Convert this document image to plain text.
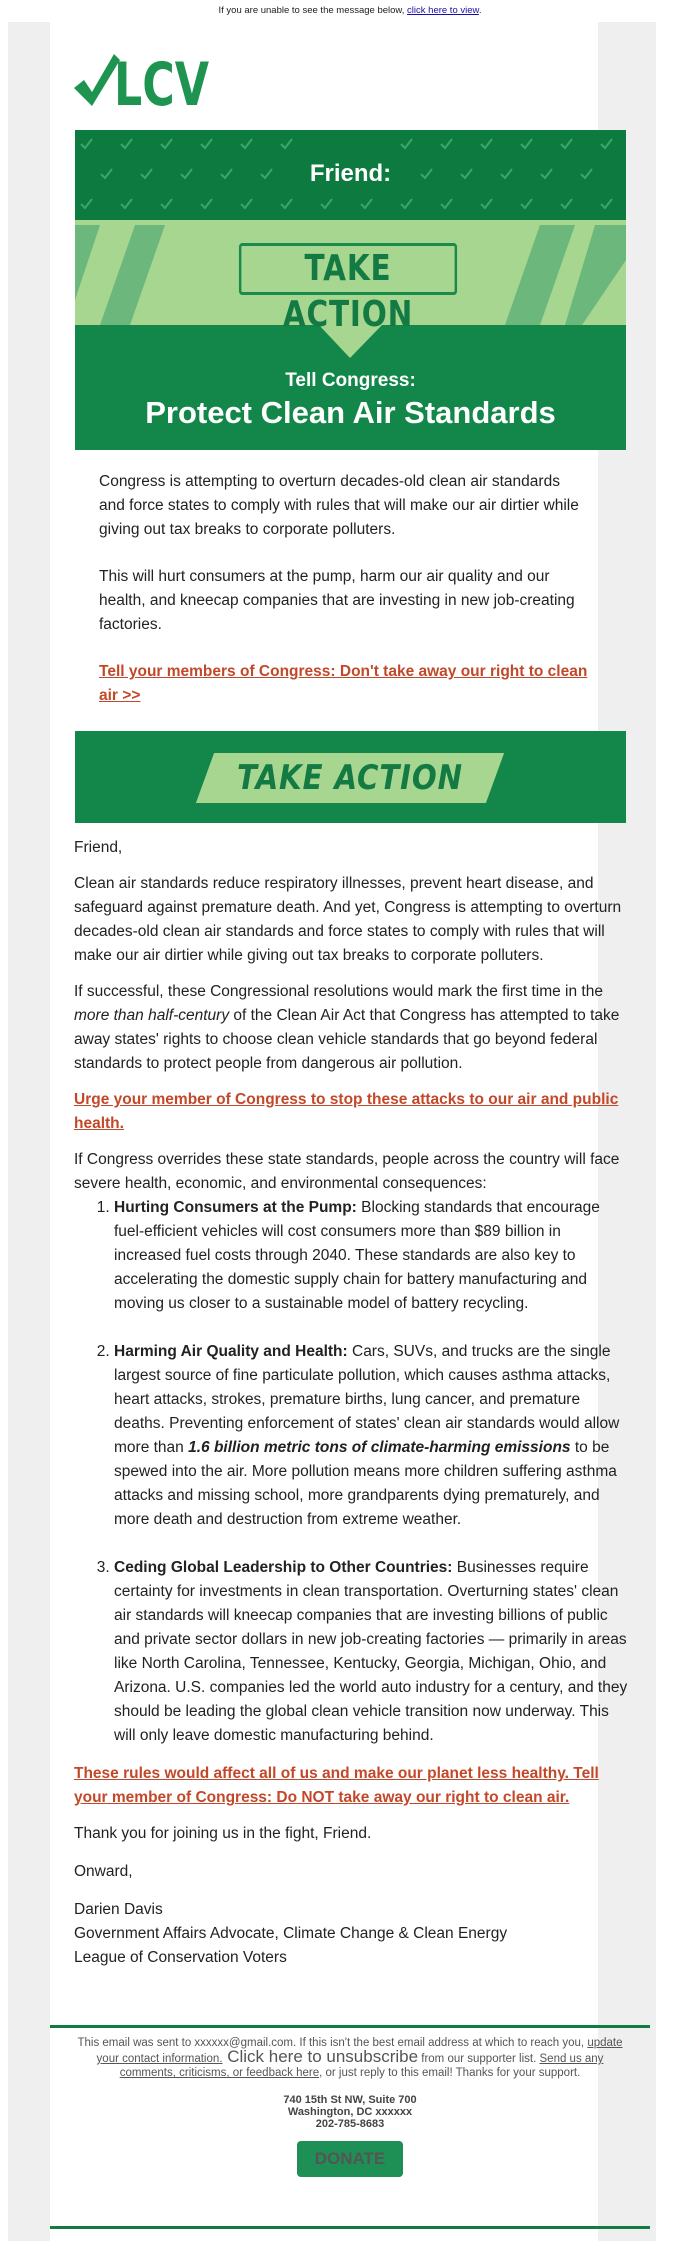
If you are unable to see the message below, click here to view.
LCV
Friend:
TAKE ACTION
Tell Congress:
Protect Clean Air Standards

Congress is attempting to overturn decades-old clean air standards and force states to comply with rules that will make our air dirtier while giving out tax breaks to corporate polluters.

This will hurt consumers at the pump, harm our air quality and our health, and kneecap companies that are investing in new job-creating factories.

Tell your members of Congress: Don't take away our right to clean air >>

TAKE ACTION

Friend,

Clean air standards reduce respiratory illnesses, prevent heart disease, and safeguard against premature death. And yet, Congress is attempting to overturn decades-old clean air standards and force states to comply with rules that will make our air dirtier while giving out tax breaks to corporate polluters.

If successful, these Congressional resolutions would mark the first time in the more than half-century of the Clean Air Act that Congress has attempted to take away states' rights to choose clean vehicle standards that go beyond federal standards to protect people from dangerous air pollution.

Urge your member of Congress to stop these attacks to our air and public health.

If Congress overrides these state standards, people across the country will face severe health, economic, and environmental consequences:

1. Hurting Consumers at the Pump: Blocking standards that encourage fuel-efficient vehicles will cost consumers more than $89 billion in increased fuel costs through 2040. These standards are also key to accelerating the domestic supply chain for battery manufacturing and moving us closer to a sustainable model of battery recycling.
2. Harming Air Quality and Health: Cars, SUVs, and trucks are the single largest source of fine particulate pollution, which causes asthma attacks, heart attacks, strokes, premature births, lung cancer, and premature deaths. Preventing enforcement of states' clean air standards would allow more than 1.6 billion metric tons of climate-harming emissions to be spewed into the air. More pollution means more children suffering asthma attacks and missing school, more grandparents dying prematurely, and more death and destruction from extreme weather.
3. Ceding Global Leadership to Other Countries: Businesses require certainty for investments in clean transportation. Overturning states' clean air standards will kneecap companies that are investing billions of public and private sector dollars in new job-creating factories — primarily in areas like North Carolina, Tennessee, Kentucky, Georgia, Michigan, Ohio, and Arizona. U.S. companies led the world auto industry for a century, and they should be leading the global clean vehicle transition now underway. This will only leave domestic manufacturing behind.

These rules would affect all of us and make our planet less healthy. Tell your member of Congress: Do NOT take away our right to clean air.

Thank you for joining us in the fight, Friend.

Onward,

Darien Davis
Government Affairs Advocate, Climate Change & Clean Energy
League of Conservation Voters
This email was sent to xxxxxx@gmail.com. If this isn't the best email address at which to reach you, update your contact information. Click here to unsubscribe from our supporter list. Send us any comments, criticisms, or feedback here, or just reply to this email! Thanks for your support.
740 15th St NW, Suite 700
Washington, DC xxxxxx
202-785-8683
DONATE
